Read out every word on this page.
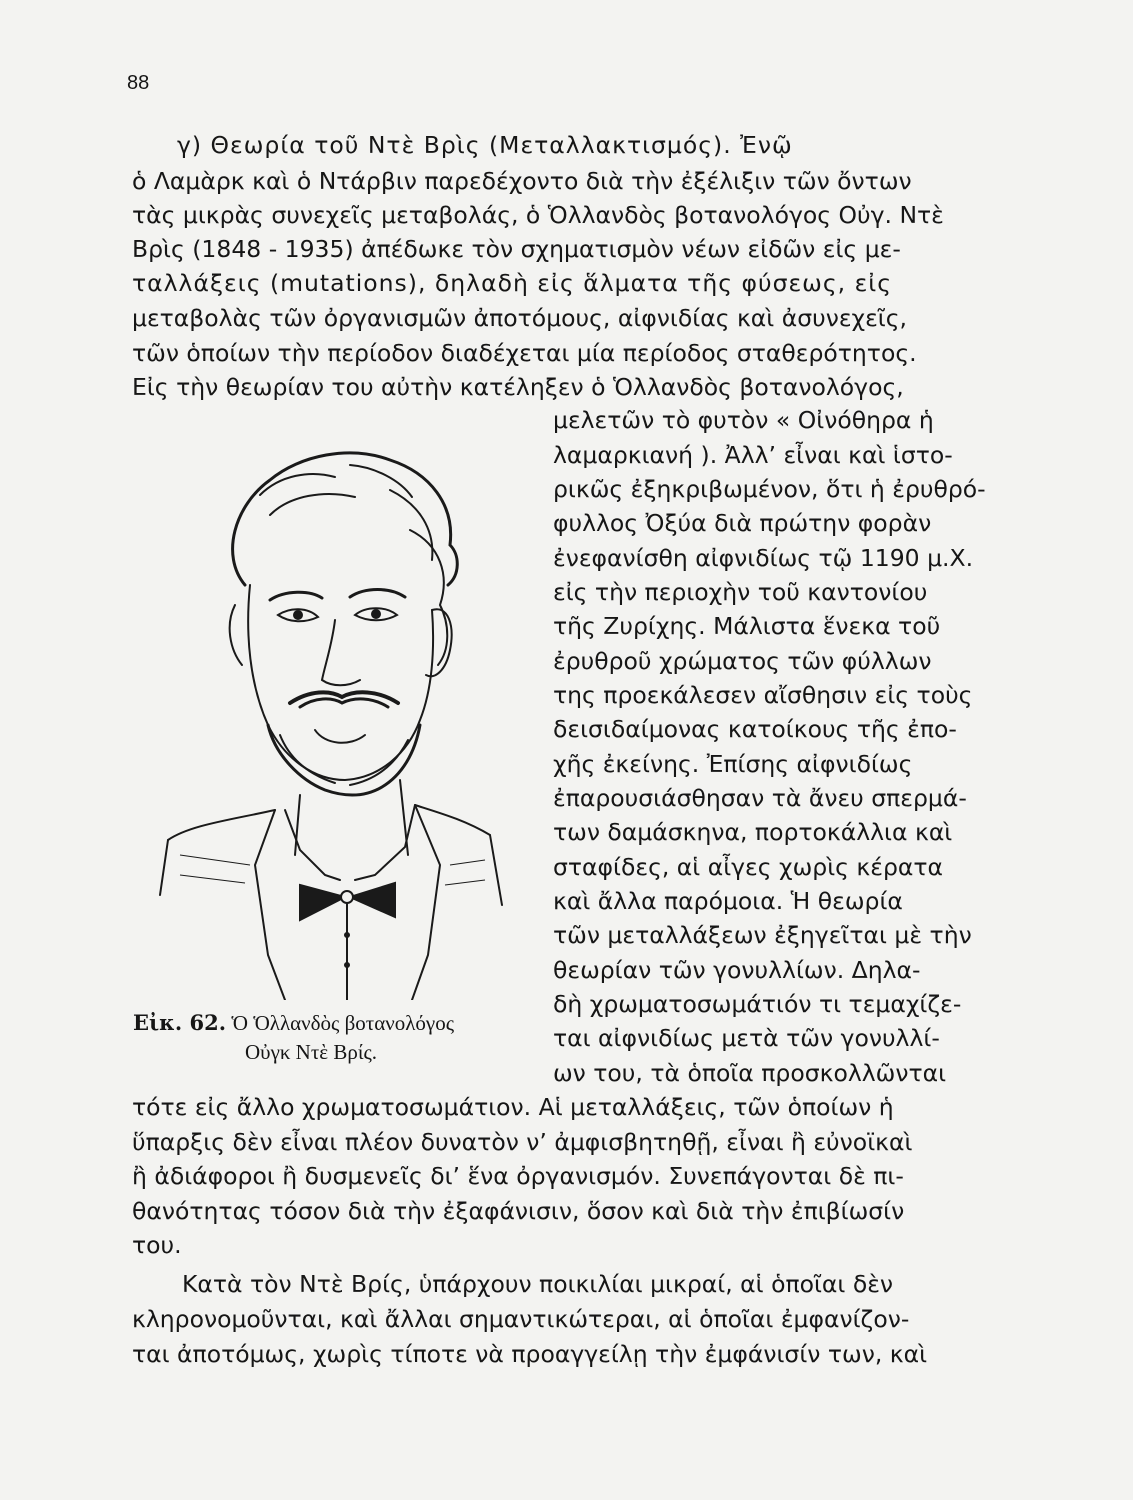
88
γ) Θεωρία τοῦ Ντὲ Βρὶς (Μεταλλακτισμός). Ἐνῷ
ὁ Λαμὰρκ καὶ ὁ Ντάρβιν παρεδέχοντο διὰ τὴν ἐξέλιξιν τῶν ὄντων
τὰς μικρὰς συνεχεῖς μεταβολάς, ὁ Ὁλλανδὸς βοτανολόγος Οὐγ. Ντὲ
Βρὶς (1848 - 1935) ἀπέδωκε τὸν σχηματισμὸν νέων εἰδῶν εἰς με-
ταλλάξεις (mutations), δηλαδὴ εἰς ἅλματα τῆς φύσεως, εἰς
μεταβολὰς τῶν ὀργανισμῶν ἀποτόμους, αἰφνιδίας καὶ ἀσυνεχεῖς,
τῶν ὁποίων τὴν περίοδον διαδέχεται μία περίοδος σταθερότητος.
Εἰς τὴν θεωρίαν του αὐτὴν κατέληξεν ὁ Ὁλλανδὸς βοτανολόγος,
μελετῶν τὸ φυτὸν « Οἰνόθηρα ἡ
λαμαρκιανή ). Ἀλλ’ εἶναι καὶ ἱστο-
ρικῶς ἐξηκριβωμένον, ὅτι ἡ ἐρυθρό-
φυλλος Ὀξύα διὰ πρώτην φορὰν
ἐνεφανίσθη αἰφνιδίως τῷ 1190 μ.Χ.
εἰς τὴν περιοχὴν τοῦ καντονίου
τῆς Ζυρίχης. Μάλιστα ἕνεκα τοῦ
ἐρυθροῦ χρώματος τῶν φύλλων
της προεκάλεσεν αἴσθησιν εἰς τοὺς
δεισιδαίμονας κατοίκους τῆς ἐπο-
χῆς ἐκείνης. Ἐπίσης αἰφνιδίως
ἐπαρουσιάσθησαν τὰ ἄνευ σπερμά-
των δαμάσκηνα, πορτοκάλλια καὶ
σταφίδες, αἱ αἶγες χωρὶς κέρατα
καὶ ἄλλα παρόμοια. Ἡ θεωρία
τῶν μεταλλάξεων ἐξηγεῖται μὲ τὴν
θεωρίαν τῶν γονυλλίων. Δηλα-
δὴ χρωματοσωμάτιόν τι τεμαχίζε-
ται αἰφνιδίως μετὰ τῶν γονυλλί-
ων του, τὰ ὁποῖα προσκολλῶνται
τότε εἰς ἄλλο χρωματοσωμάτιον. Αἱ μεταλλάξεις, τῶν ὁποίων ἡ
ὕπαρξις δὲν εἶναι πλέον δυνατὸν ν’ ἀμφισβητηθῇ, εἶναι ἢ εὐνοϊκαὶ
ἢ ἀδιάφοροι ἢ δυσμενεῖς δι’ ἕνα ὀργανισμόν. Συνεπάγονται δὲ πι-
θανότητας τόσον διὰ τὴν ἐξαφάνισιν, ὅσον καὶ διὰ τὴν ἐπιβίωσίν
του.
Κατὰ τὸν Ντὲ Βρίς, ὑπάρχουν ποικιλίαι μικραί, αἱ ὁποῖαι δὲν
κληρονομοῦνται, καὶ ἄλλαι σημαντικώτεραι, αἱ ὁποῖαι ἐμφανίζον-
ται ἀποτόμως, χωρὶς τίποτε νὰ προαγγείλῃ τὴν ἐμφάνισίν των, καὶ
Εἰκ. 62. Ὁ Ὁλλανδὸς βοτανολόγος
Οὐγκ Ντὲ Βρίς.
